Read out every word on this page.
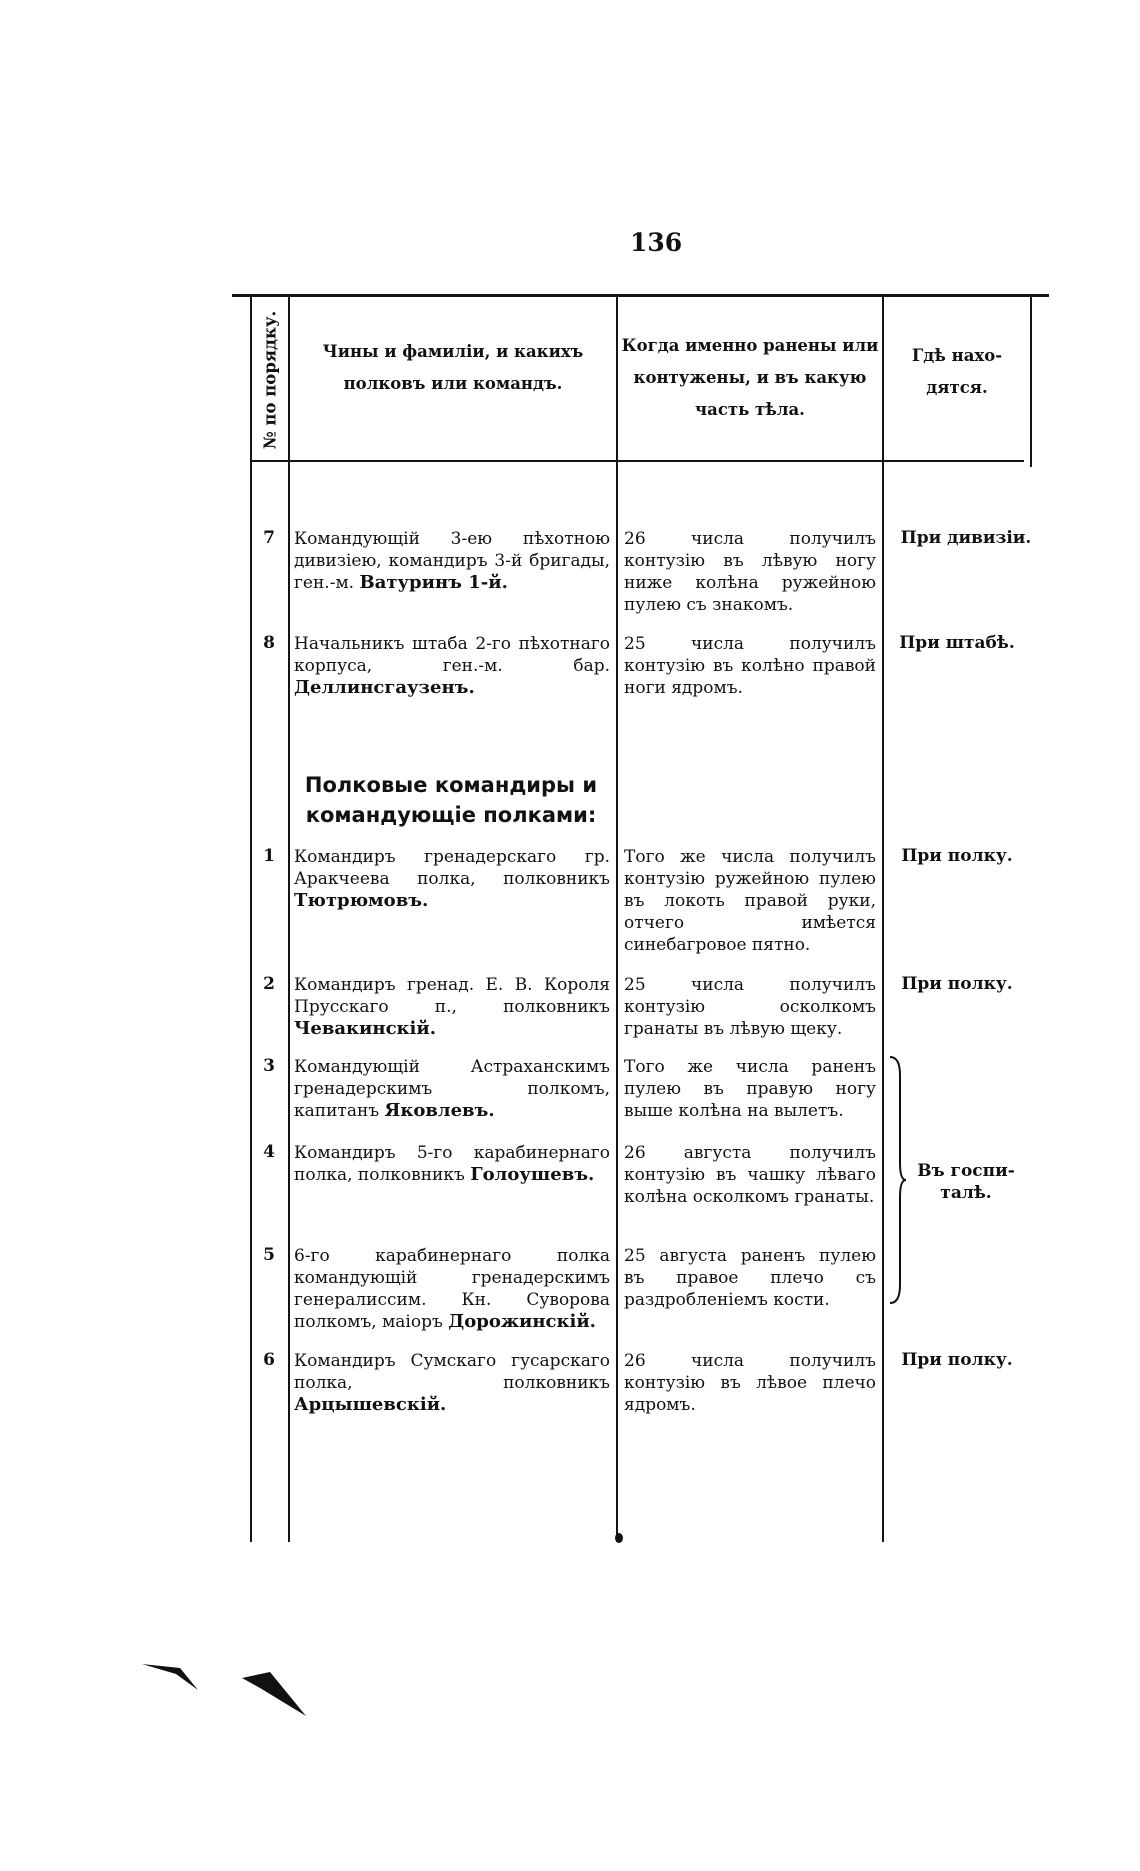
136
№ по порядку.	Чины и фамиліи, и какихъ
полковъ или командъ.
Когда именно ранены или
контужены, и въ какую
часть тѣла.
Гдѣ нахо-
дятся.
7 Командующій 3-ею пѣхотною дивизіею, командиръ 3-й бригады, ген.-м. Ватуринъ 1-й.
26 числа получилъ контузію въ лѣвую ногу ниже колѣна ружейною пулею съ знакомъ.
При дивизіи.
8 Начальникъ штаба 2-го пѣхотнаго корпуса, ген.-м. бар. Деллинсгаузенъ.
25 числа получилъ контузію въ колѣно правой ноги ядромъ.
При штабѣ.
Полковые командиры и командующіе полками:
1 Командиръ гренадерскаго гр. Аракчеева полка, полковникъ Тютрюмовъ.
Того же числа получилъ контузію ружейною пулею въ локоть правой руки, отчего имѣется синебагровое пятно.
При полку.
2 Командиръ гренад. Е. В. Короля Прусскаго п., полковникъ Чевакинскій.
25 числа получилъ контузію осколкомъ гранаты въ лѣвую щеку.
При полку.
3 Командующій Астраханскимъ гренадерскимъ полкомъ, капитанъ Яковлевъ.
Того же числа раненъ пулею въ правую ногу выше колѣна на вылетъ.
4 Командиръ 5-го карабинернаго полка, полковникъ Голоушевъ.
26 августа получилъ контузію въ чашку лѣваго колѣна осколкомъ гранаты.
5 6-го карабинернаго полка командующій гренадерскимъ генералиссим. Кн. Суворова полкомъ, маіоръ Дорожинскій.
25 августа раненъ пулею въ правое плечо съ раздробленіемъ кости.
Въ госпи-
талѣ.
6 Командиръ Сумскаго гусарскаго полка, полковникъ Арцышевскій.
26 числа получилъ контузію въ лѣвое плечо ядромъ.
При полку.
